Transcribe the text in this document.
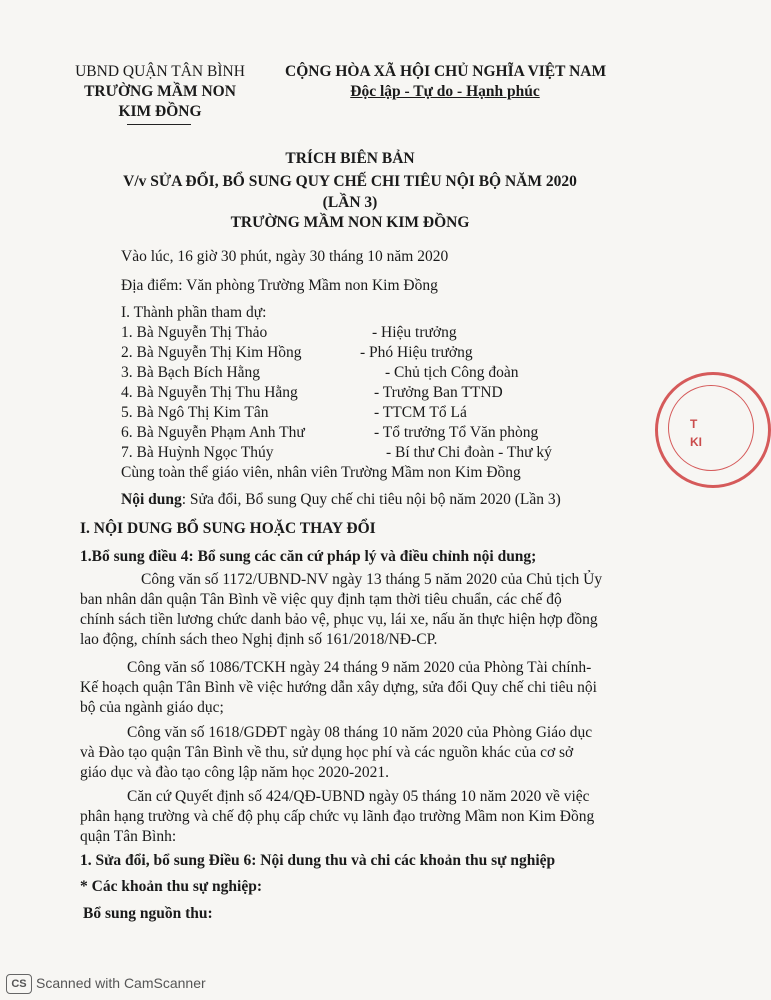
UBND QUẬN TÂN BÌNH
TRƯỜNG MẦM NON
KIM ĐỒNG
CỘNG HÒA XÃ HỘI CHỦ NGHĨA VIỆT NAM
Độc lập - Tự do - Hạnh phúc
TRÍCH BIÊN BẢN
V/v SỬA ĐỔI, BỔ SUNG QUY CHẾ CHI TIÊU NỘI BỘ NĂM 2020
(LẦN 3)
TRƯỜNG MẦM NON KIM ĐỒNG
Vào lúc, 16 giờ 30 phút, ngày 30 tháng 10 năm 2020
Địa điểm: Văn phòng Trường Mầm non Kim Đồng
I. Thành phần tham dự:
1. Bà Nguyễn Thị Thảo	- Hiệu trưởng
2. Bà Nguyễn Thị Kim Hồng	- Phó Hiệu trưởng
3. Bà Bạch Bích Hằng	- Chủ tịch Công đoàn
4. Bà Nguyễn Thị Thu Hằng	- Trưởng Ban TTND
5. Bà Ngô Thị Kim Tân	- TTCM Tổ Lá
6. Bà Nguyễn Phạm Anh Thư	- Tổ trưởng Tổ Văn phòng
7. Bà Huỳnh Ngọc Thúy	- Bí thư Chi đoàn - Thư ký
Cùng toàn thể giáo viên, nhân viên Trường Mầm non Kim Đồng
Nội dung: Sửa đổi, Bổ sung Quy chế chi tiêu nội bộ năm 2020 (Lần 3)
I. NỘI DUNG BỔ SUNG HOẶC THAY ĐỔI
1.Bổ sung điều 4: Bổ sung các căn cứ pháp lý và điều chỉnh nội dung;
Công văn số 1172/UBND-NV ngày 13 tháng 5 năm 2020 của Chủ tịch Ủy
ban nhân dân quận Tân Bình về việc quy định tạm thời tiêu chuẩn, các chế độ
chính sách tiền lương chức danh bảo vệ, phục vụ, lái xe, nấu ăn thực hiện hợp đồng
lao động, chính sách theo Nghị định số 161/2018/NĐ-CP.
Công văn số 1086/TCKH ngày 24 tháng 9 năm 2020 của Phòng Tài chính-
Kế hoạch quận Tân Bình về việc hướng dẫn xây dựng, sửa đổi Quy chế chi tiêu nội
bộ của ngành giáo dục;
Công văn số 1618/GDĐT ngày 08 tháng 10 năm 2020 của Phòng Giáo dục
và Đào tạo quận Tân Bình về thu, sử dụng học phí và các nguồn khác của cơ sở
giáo dục và đào tạo công lập năm học 2020-2021.
Căn cứ Quyết định số 424/QĐ-UBND ngày 05 tháng 10 năm 2020 về việc
phân hạng trường và chế độ phụ cấp chức vụ lãnh đạo trường Mầm non Kim Đồng
quận Tân Bình:
1. Sửa đổi, bổ sung Điều 6: Nội dung thu và chi các khoản thu sự nghiệp
* Các khoản thu sự nghiệp:
Bổ sung nguồn thu:
T
KI
CS Scanned with CamScanner
